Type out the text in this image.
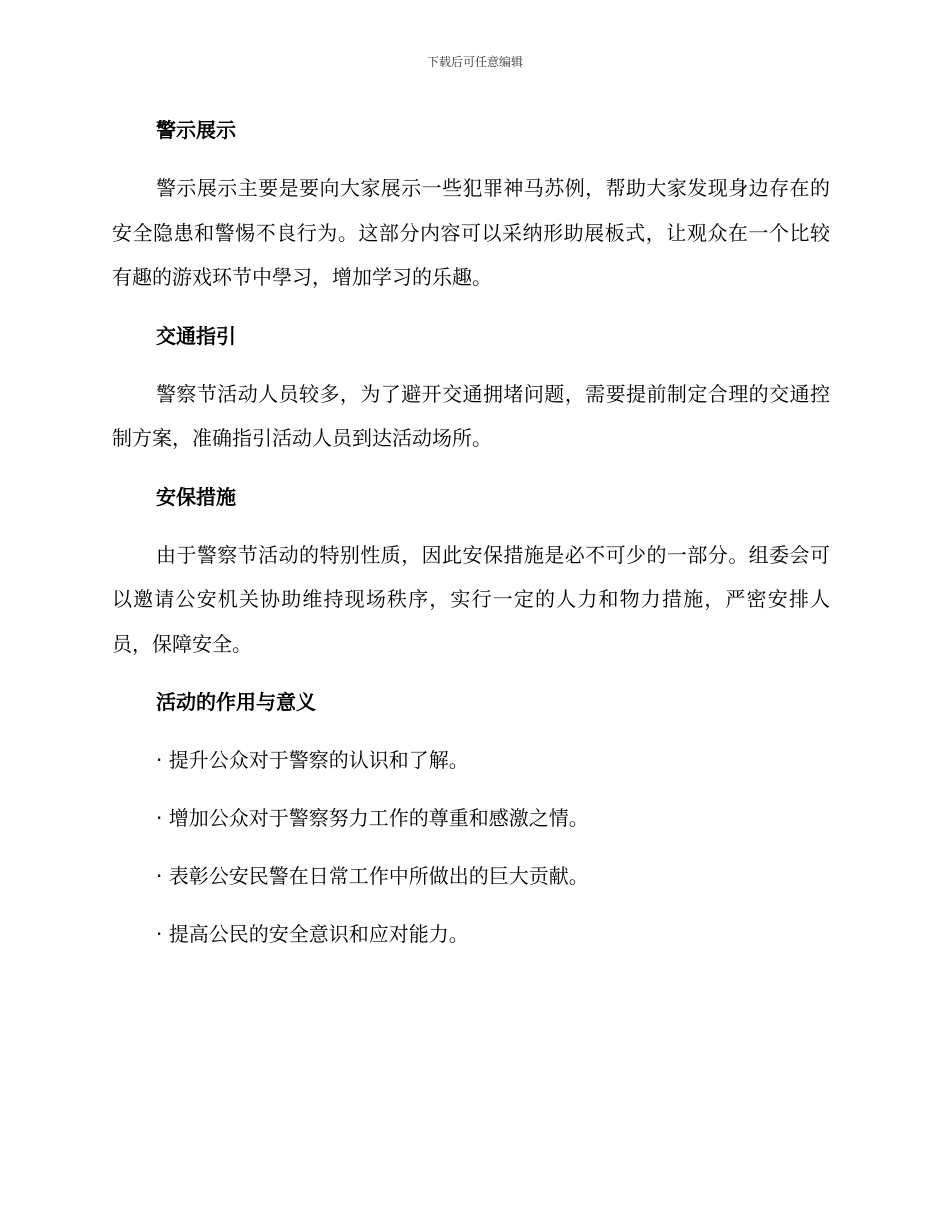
下载后可任意编辑
警示展示

警示展示主要是要向大家展示一些犯罪神马苏例，帮助大家发现身边存在的安全隐患和警惕不良行为。这部分内容可以采纳形助展板式，让观众在一个比较有趣的游戏环节中學习，增加学习的乐趣。

交通指引

警察节活动人员较多，为了避开交通拥堵问题，需要提前制定合理的交通控制方案，准确指引活动人员到达活动场所。

安保措施

由于警察节活动的特别性质，因此安保措施是必不可少的一部分。组委会可以邀请公安机关协助维持现场秩序，实行一定的人力和物力措施，严密安排人员，保障安全。

活动的作用与意义
· 提升公众对于警察的认识和了解。
· 增加公众对于警察努力工作的尊重和感激之情。
· 表彰公安民警在日常工作中所做出的巨大贡献。
· 提高公民的安全意识和应对能力。
